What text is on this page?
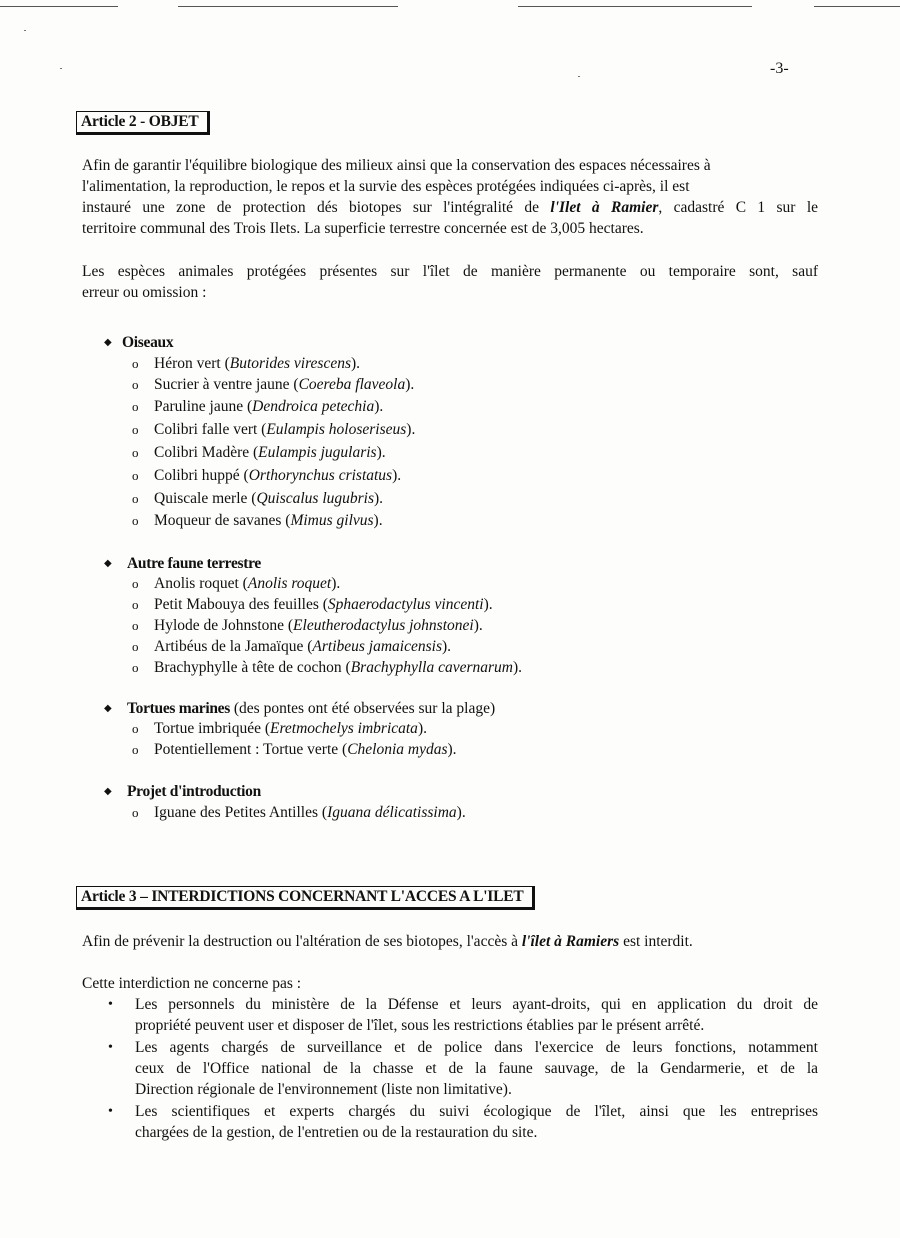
-3-
Article 2 - OBJET
Afin de garantir l'équilibre biologique des milieux ainsi que la conservation des espaces nécessaires à
l'alimentation, la reproduction, le repos et la survie des espèces protégées indiquées ci-après, il est
instauré une zone de protection dés biotopes sur l'intégralité de l'Ilet à Ramier, cadastré C 1 sur le
territoire communal des Trois Ilets. La superficie terrestre concernée est de 3,005 hectares.
Les espèces animales protégées présentes sur l'îlet de manière permanente ou temporaire sont, sauf
erreur ou omission :
◆ Oiseaux
o Héron vert (Butorides virescens).
o Sucrier à ventre jaune (Coereba flaveola).
o Paruline jaune (Dendroica petechia).
o Colibri falle vert (Eulampis holoseriseus).
o Colibri Madère (Eulampis jugularis).
o Colibri huppé (Orthorynchus cristatus).
o Quiscale merle (Quiscalus lugubris).
o Moqueur de savanes (Mimus gilvus).
◆ Autre faune terrestre
o Anolis roquet (Anolis roquet).
o Petit Mabouya des feuilles (Sphaerodactylus vincenti).
o Hylode de Johnstone (Eleutherodactylus johnstonei).
o Artibéus de la Jamaïque (Artibeus jamaicensis).
o Brachyphylle à tête de cochon (Brachyphylla cavernarum).
◆ Tortues marines (des pontes ont été observées sur la plage)
o Tortue imbriquée (Eretmochelys imbricata).
o Potentiellement : Tortue verte (Chelonia mydas).
◆ Projet d'introduction
o Iguane des Petites Antilles (Iguana délicatissima).
Article 3 – INTERDICTIONS CONCERNANT L'ACCES A L'ILET
Afin de prévenir la destruction ou l'altération de ses biotopes, l'accès à l'îlet à Ramiers est interdit.
Cette interdiction ne concerne pas :
•	Les personnels du ministère de la Défense et leurs ayant-droits, qui en application du droit de
propriété peuvent user et disposer de l'îlet, sous les restrictions établies par le présent arrêté.
•	Les agents chargés de surveillance et de police dans l'exercice de leurs fonctions, notamment
ceux de l'Office national de la chasse et de la faune sauvage, de la Gendarmerie, et de la
Direction régionale de l'environnement (liste non limitative).
•	Les scientifiques et experts chargés du suivi écologique de l'îlet, ainsi que les entreprises
chargées de la gestion, de l'entretien ou de la restauration du site.
